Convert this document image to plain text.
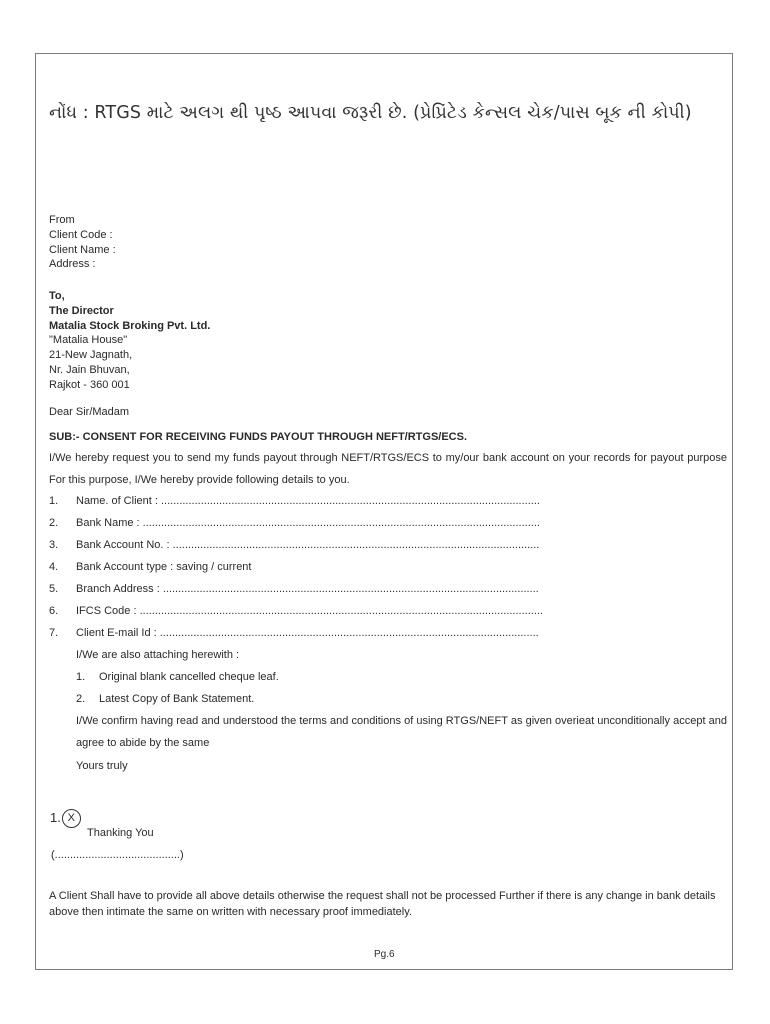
નોંધ : RTGS માટે અલગ થી પૃષ્ઠ આપવા જરૂરી છે. (પ્રેપ્રિંટેડ કેન્સલ ચેક/પાસ બૂક ની કોપી)
From
Client Code :
Client Name :
Address :
To,
The Director
Matalia Stock Broking Pvt. Ltd.
"Matalia House"
21-New Jagnath,
Nr. Jain Bhuvan,
Rajkot - 360 001
Dear Sir/Madam
SUB:- CONSENT FOR RECEIVING FUNDS PAYOUT THROUGH NEFT/RTGS/ECS.
I/We hereby request you to send my funds payout through NEFT/RTGS/ECS to my/our bank account on your records for payout purpose For this purpose, I/We hereby provide following details to you.
1. Name. of Client : ............................................................................................................................
2. Bank Name : ..................................................................................................................................
3. Bank Account No. : ........................................................................................................................
4. Bank Account type : saving / current
5. Branch Address : ...........................................................................................................................
6. IFCS Code : ....................................................................................................................................
7. Client E-mail Id : ............................................................................................................................
I/We are also attaching herewith :
1. Original blank cancelled cheque leaf.
2. Latest Copy of Bank Statement.
I/We confirm having read and understood the terms and conditions of using RTGS/NEFT as given overieat unconditionally accept and agree to abide by the same
Yours truly
1. X
Thanking You
(.........................................)
A Client Shall have to provide all above details otherwise the request shall not be processed Further if there is any change in bank details above then intimate the same on written with necessary proof immediately.
Pg.6
